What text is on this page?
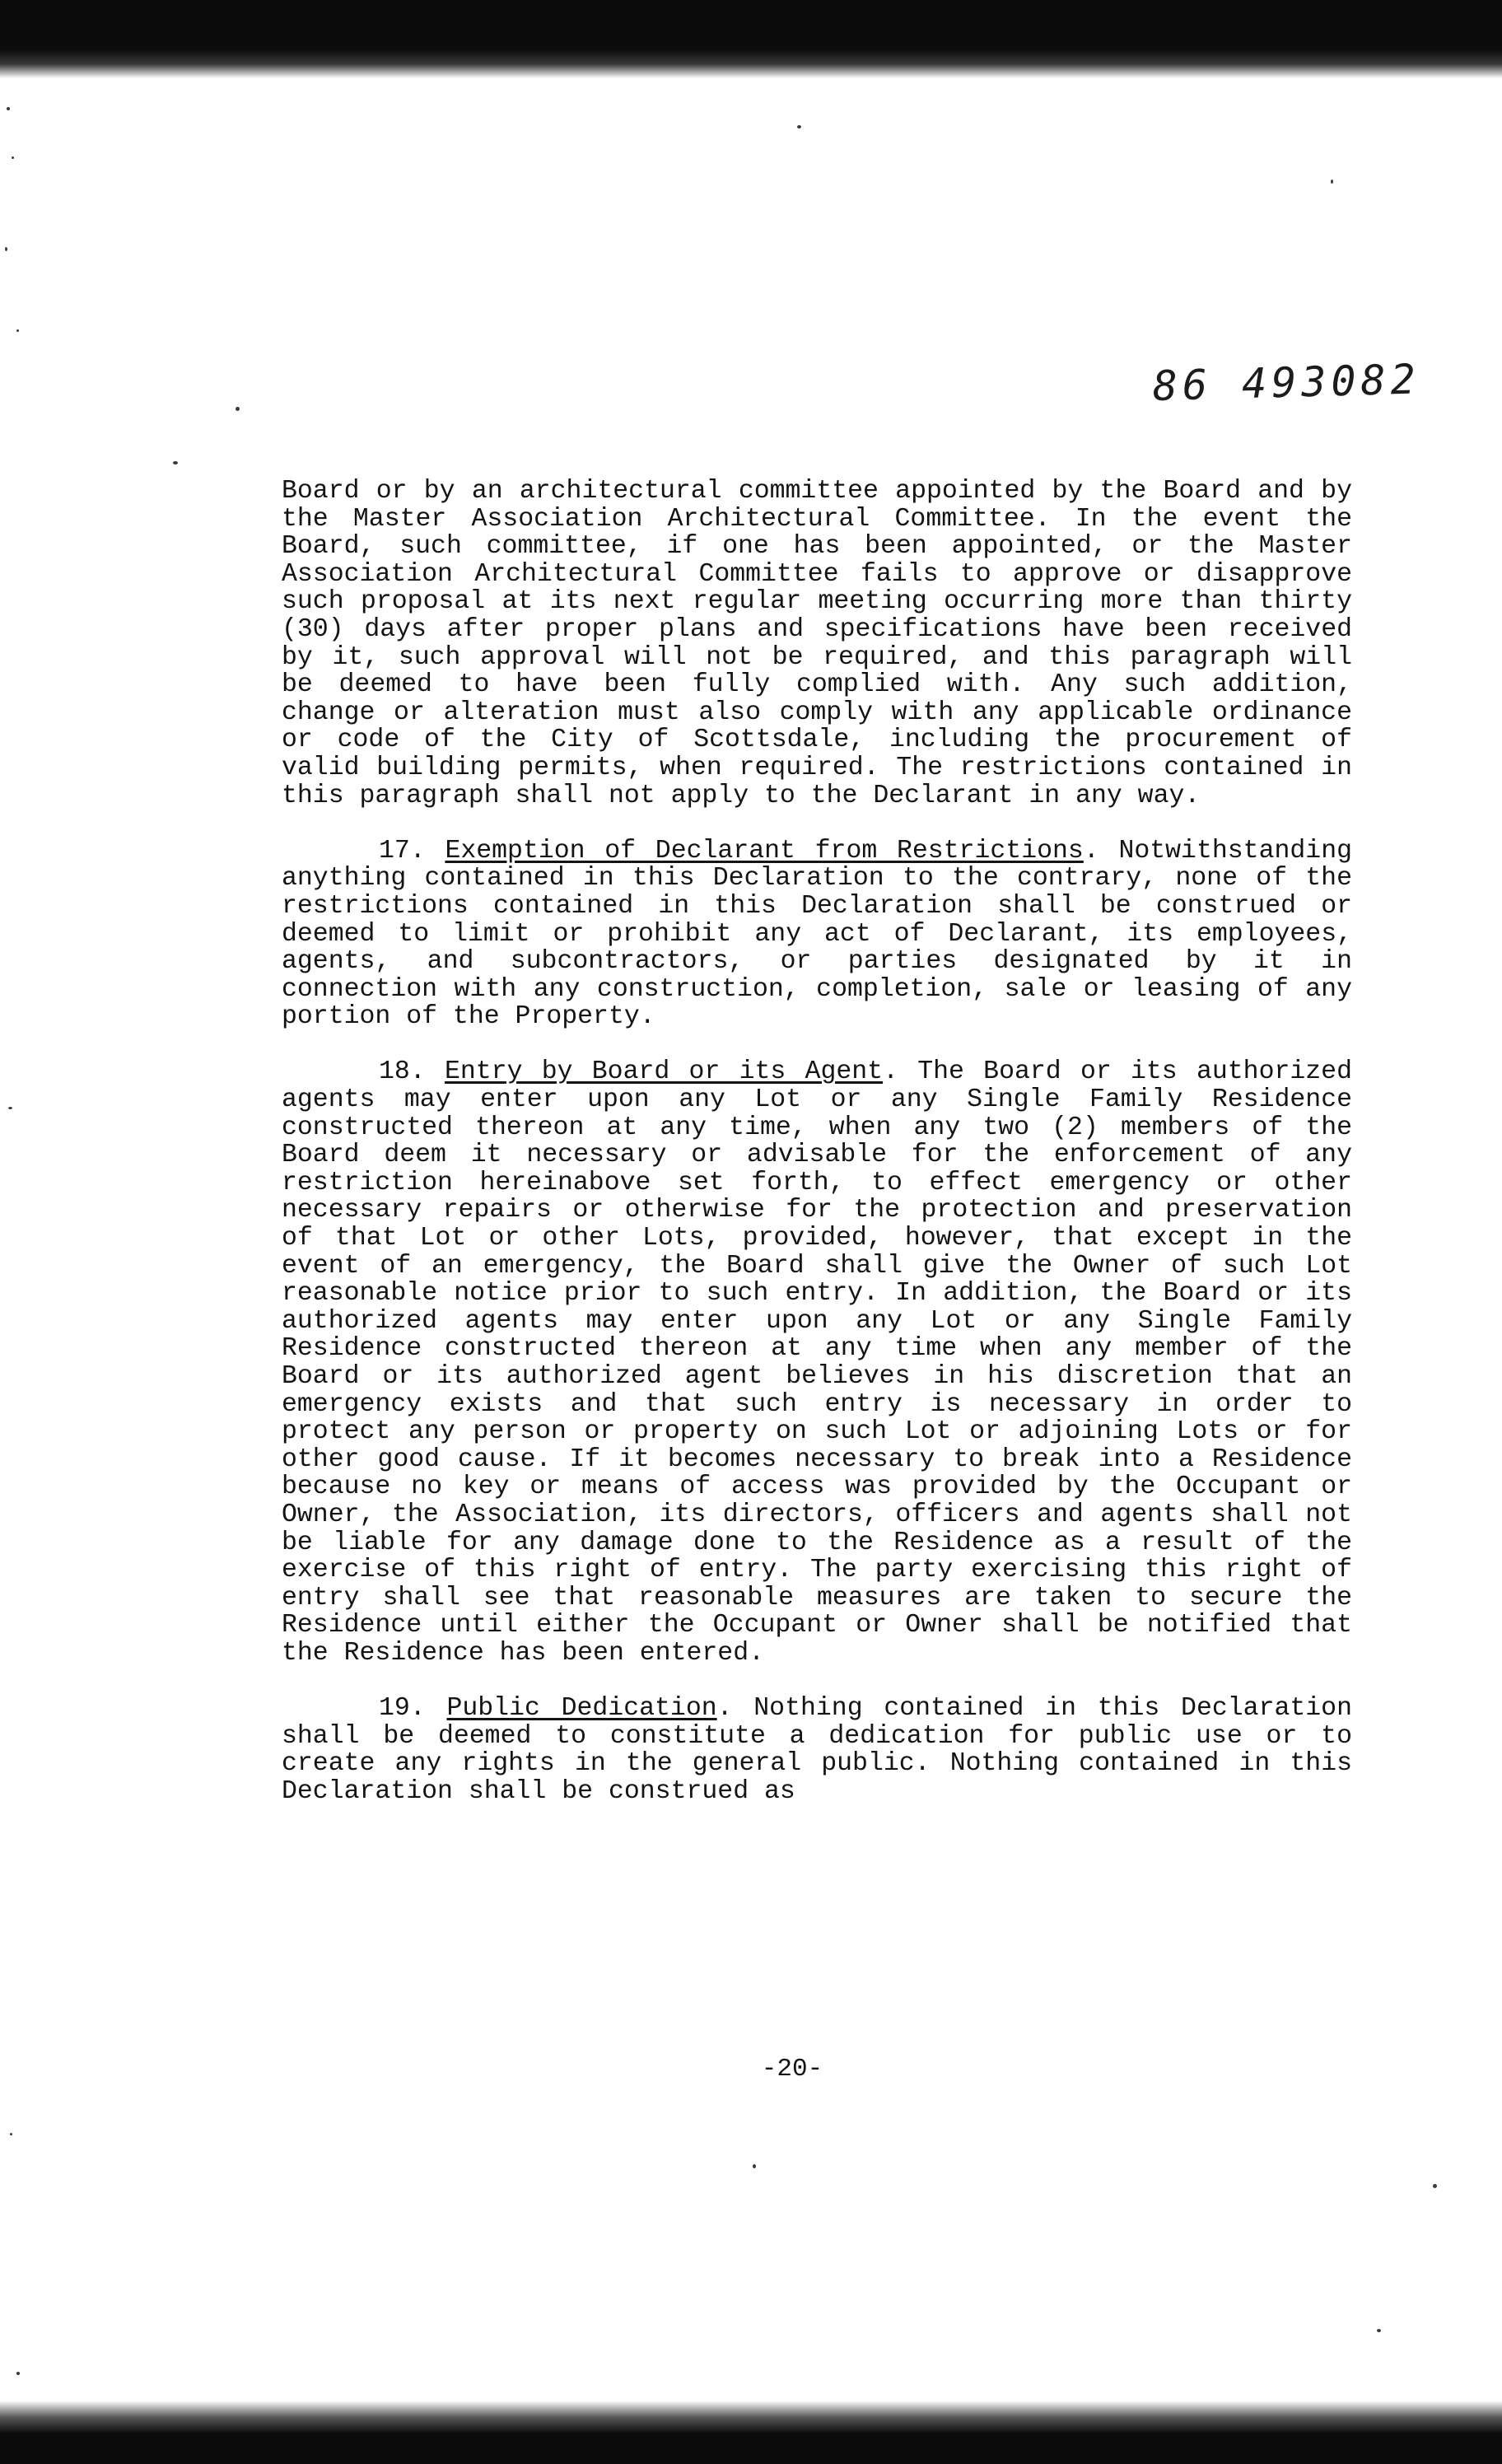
86 493082

Board or by an architectural committee appointed by the Board and by the Master Association Architectural Committee. In the event the Board, such committee, if one has been appointed, or the Master Association Architectural Committee fails to approve or disapprove such proposal at its next regular meeting occurring more than thirty (30) days after proper plans and specifications have been received by it, such approval will not be required, and this paragraph will be deemed to have been fully complied with. Any such addition, change or alteration must also comply with any applicable ordinance or code of the City of Scottsdale, including the procurement of valid building permits, when required. The restrictions contained in this paragraph shall not apply to the Declarant in any way.

17. Exemption of Declarant from Restrictions. Notwithstanding anything contained in this Declaration to the contrary, none of the restrictions contained in this Declaration shall be construed or deemed to limit or prohibit any act of Declarant, its employees, agents, and subcontractors, or parties designated by it in connection with any construction, completion, sale or leasing of any portion of the Property.

18. Entry by Board or its Agent. The Board or its authorized agents may enter upon any Lot or any Single Family Residence constructed thereon at any time, when any two (2) members of the Board deem it necessary or advisable for the enforcement of any restriction hereinabove set forth, to effect emergency or other necessary repairs or otherwise for the protection and preservation of that Lot or other Lots, provided, however, that except in the event of an emergency, the Board shall give the Owner of such Lot reasonable notice prior to such entry. In addition, the Board or its authorized agents may enter upon any Lot or any Single Family Residence constructed thereon at any time when any member of the Board or its authorized agent believes in his discretion that an emergency exists and that such entry is necessary in order to protect any person or property on such Lot or adjoining Lots or for other good cause. If it becomes necessary to break into a Residence because no key or means of access was provided by the Occupant or Owner, the Association, its directors, officers and agents shall not be liable for any damage done to the Residence as a result of the exercise of this right of entry. The party exercising this right of entry shall see that reasonable measures are taken to secure the Residence until either the Occupant or Owner shall be notified that the Residence has been entered.

19. Public Dedication. Nothing contained in this Declaration shall be deemed to constitute a dedication for public use or to create any rights in the general public. Nothing contained in this Declaration shall be construed as

-20-
